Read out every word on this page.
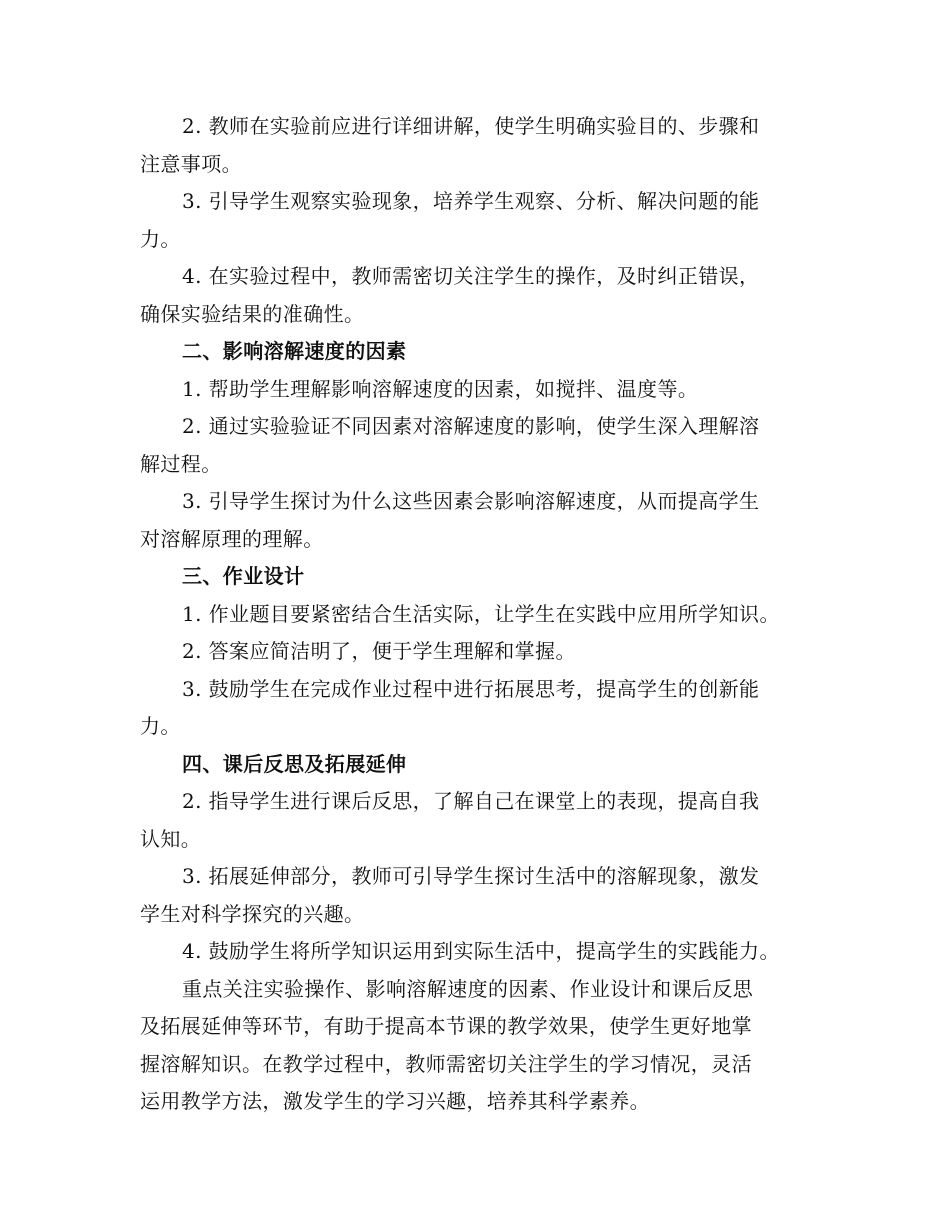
2. 教师在实验前应进行详细讲解，使学生明确实验目的、步骤和
注意事项。
3. 引导学生观察实验现象，培养学生观察、分析、解决问题的能
力。
4. 在实验过程中，教师需密切关注学生的操作，及时纠正错误，
确保实验结果的准确性。
二、影响溶解速度的因素
1. 帮助学生理解影响溶解速度的因素，如搅拌、温度等。
2. 通过实验验证不同因素对溶解速度的影响，使学生深入理解溶
解过程。
3. 引导学生探讨为什么这些因素会影响溶解速度，从而提高学生
对溶解原理的理解。
三、作业设计
1. 作业题目要紧密结合生活实际，让学生在实践中应用所学知识。
2. 答案应简洁明了，便于学生理解和掌握。
3. 鼓励学生在完成作业过程中进行拓展思考，提高学生的创新能
力。
四、课后反思及拓展延伸
2. 指导学生进行课后反思，了解自己在课堂上的表现，提高自我
认知。
3. 拓展延伸部分，教师可引导学生探讨生活中的溶解现象，激发
学生对科学探究的兴趣。
4. 鼓励学生将所学知识运用到实际生活中，提高学生的实践能力。
重点关注实验操作、影响溶解速度的因素、作业设计和课后反思
及拓展延伸等环节，有助于提高本节课的教学效果，使学生更好地掌
握溶解知识。在教学过程中，教师需密切关注学生的学习情况，灵活
运用教学方法，激发学生的学习兴趣，培养其科学素养。
